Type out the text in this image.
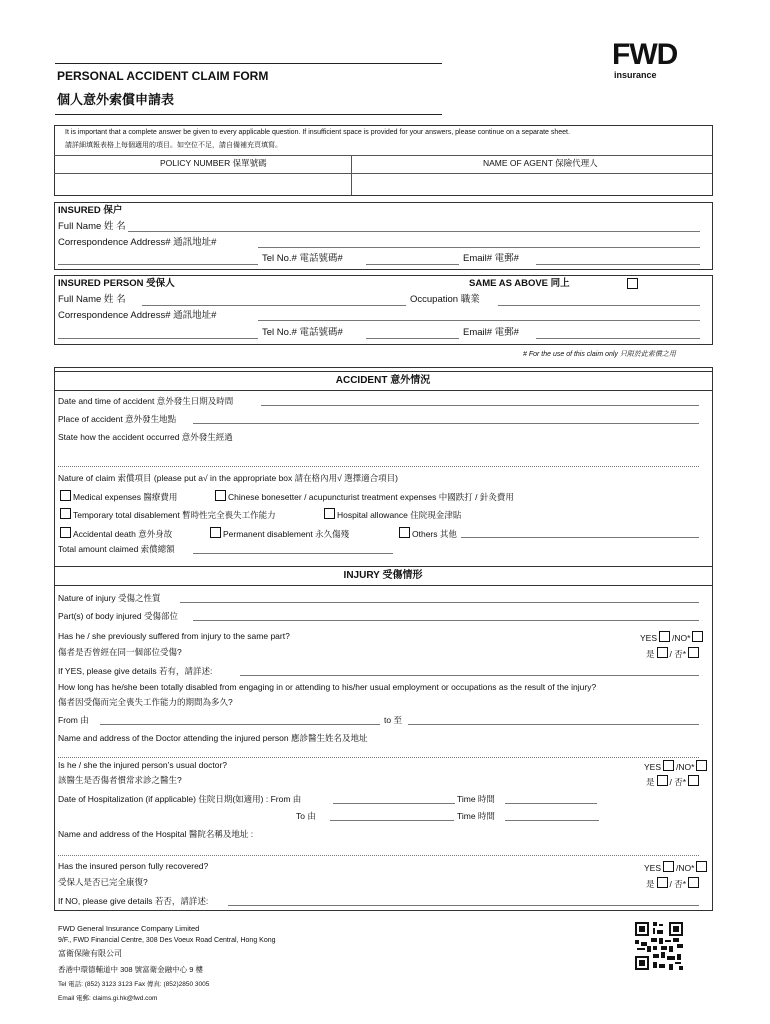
FWD
insurance
PERSONAL ACCIDENT CLAIM FORM
個人意外索償申請表
It is important that a complete answer be given to every applicable question. If insufficient space is provided for your answers, please continue on a separate sheet.
請詳細填報表格上每個適用的項目。如空位不足，請自備補充頁填寫。
POLICY NUMBER 保單號碼	NAME OF AGENT 保險代理人
INSURED 保户
Full Name 姓 名
Correspondence Address# 通訊地址#
Tel No.# 電話號碼#	Email# 電郵#
INSURED PERSON 受保人	SAME AS ABOVE 同上
Full Name 姓 名	Occupation 職業
Correspondence Address# 通訊地址#
Tel No.# 電話號碼#	Email# 電郵#
# For the use of this claim only 只限於此索償之用
ACCIDENT 意外情況
Date and time of accident 意外發生日期及時間
Place of accident 意外發生地點
State how the accident occurred 意外發生經過
Nature of claim 索償項目 (please put a√ in the appropriate box 請在格內用√ 選擇適合項目)
Medical expenses 醫療費用	Chinese bonesetter / acupuncturist treatment expenses 中國跌打 / 針灸費用
Temporary total disablement 暫時性完全喪失工作能力	Hospital allowance 住院現金津貼
Accidental death 意外身故	Permanent disablement 永久傷殘	Others 其他
Total amount claimed 索償總額
INJURY 受傷情形
Nature of injury 受傷之性質
Part(s) of body injured 受傷部位
Has he / she previously suffered from injury to the same part?
傷者是否曾經在同一個部位受傷?
YES /NO*
是 / 否*
If YES, please give details 若有，請詳述:
How long has he/she been totally disabled from engaging in or attending to his/her usual employment or occupations as the result of the injury?
傷者因受傷而完全喪失工作能力的期間為多久?
From 由	to 至
Name and address of the Doctor attending the injured person 應診醫生姓名及地址
Is he / she the injured person’s usual doctor?
該醫生是否傷者慣常求診之醫生?
YES /NO*
是 / 否*
Date of Hospitalization (if applicable) 住院日期(如適用) : From 由	Time 時間
To 由	Time 時間
Name and address of the Hospital 醫院名稱及地址 :
Has the insured person fully recovered?
受保人是否已完全康復?
YES /NO*
是 / 否*
If NO, please give details 若否，請詳述:
FWD General Insurance Company Limited
9/F., FWD Financial Centre, 308 Des Voeux Road Central, Hong Kong
富衛保險有限公司
香港中環德輔道中 308 號富衛金融中心 9 樓
Tel 電話: (852) 3123 3123 Fax 傳真: (852)2850 3005
Email 電郵: claims.gi.hk@fwd.com
